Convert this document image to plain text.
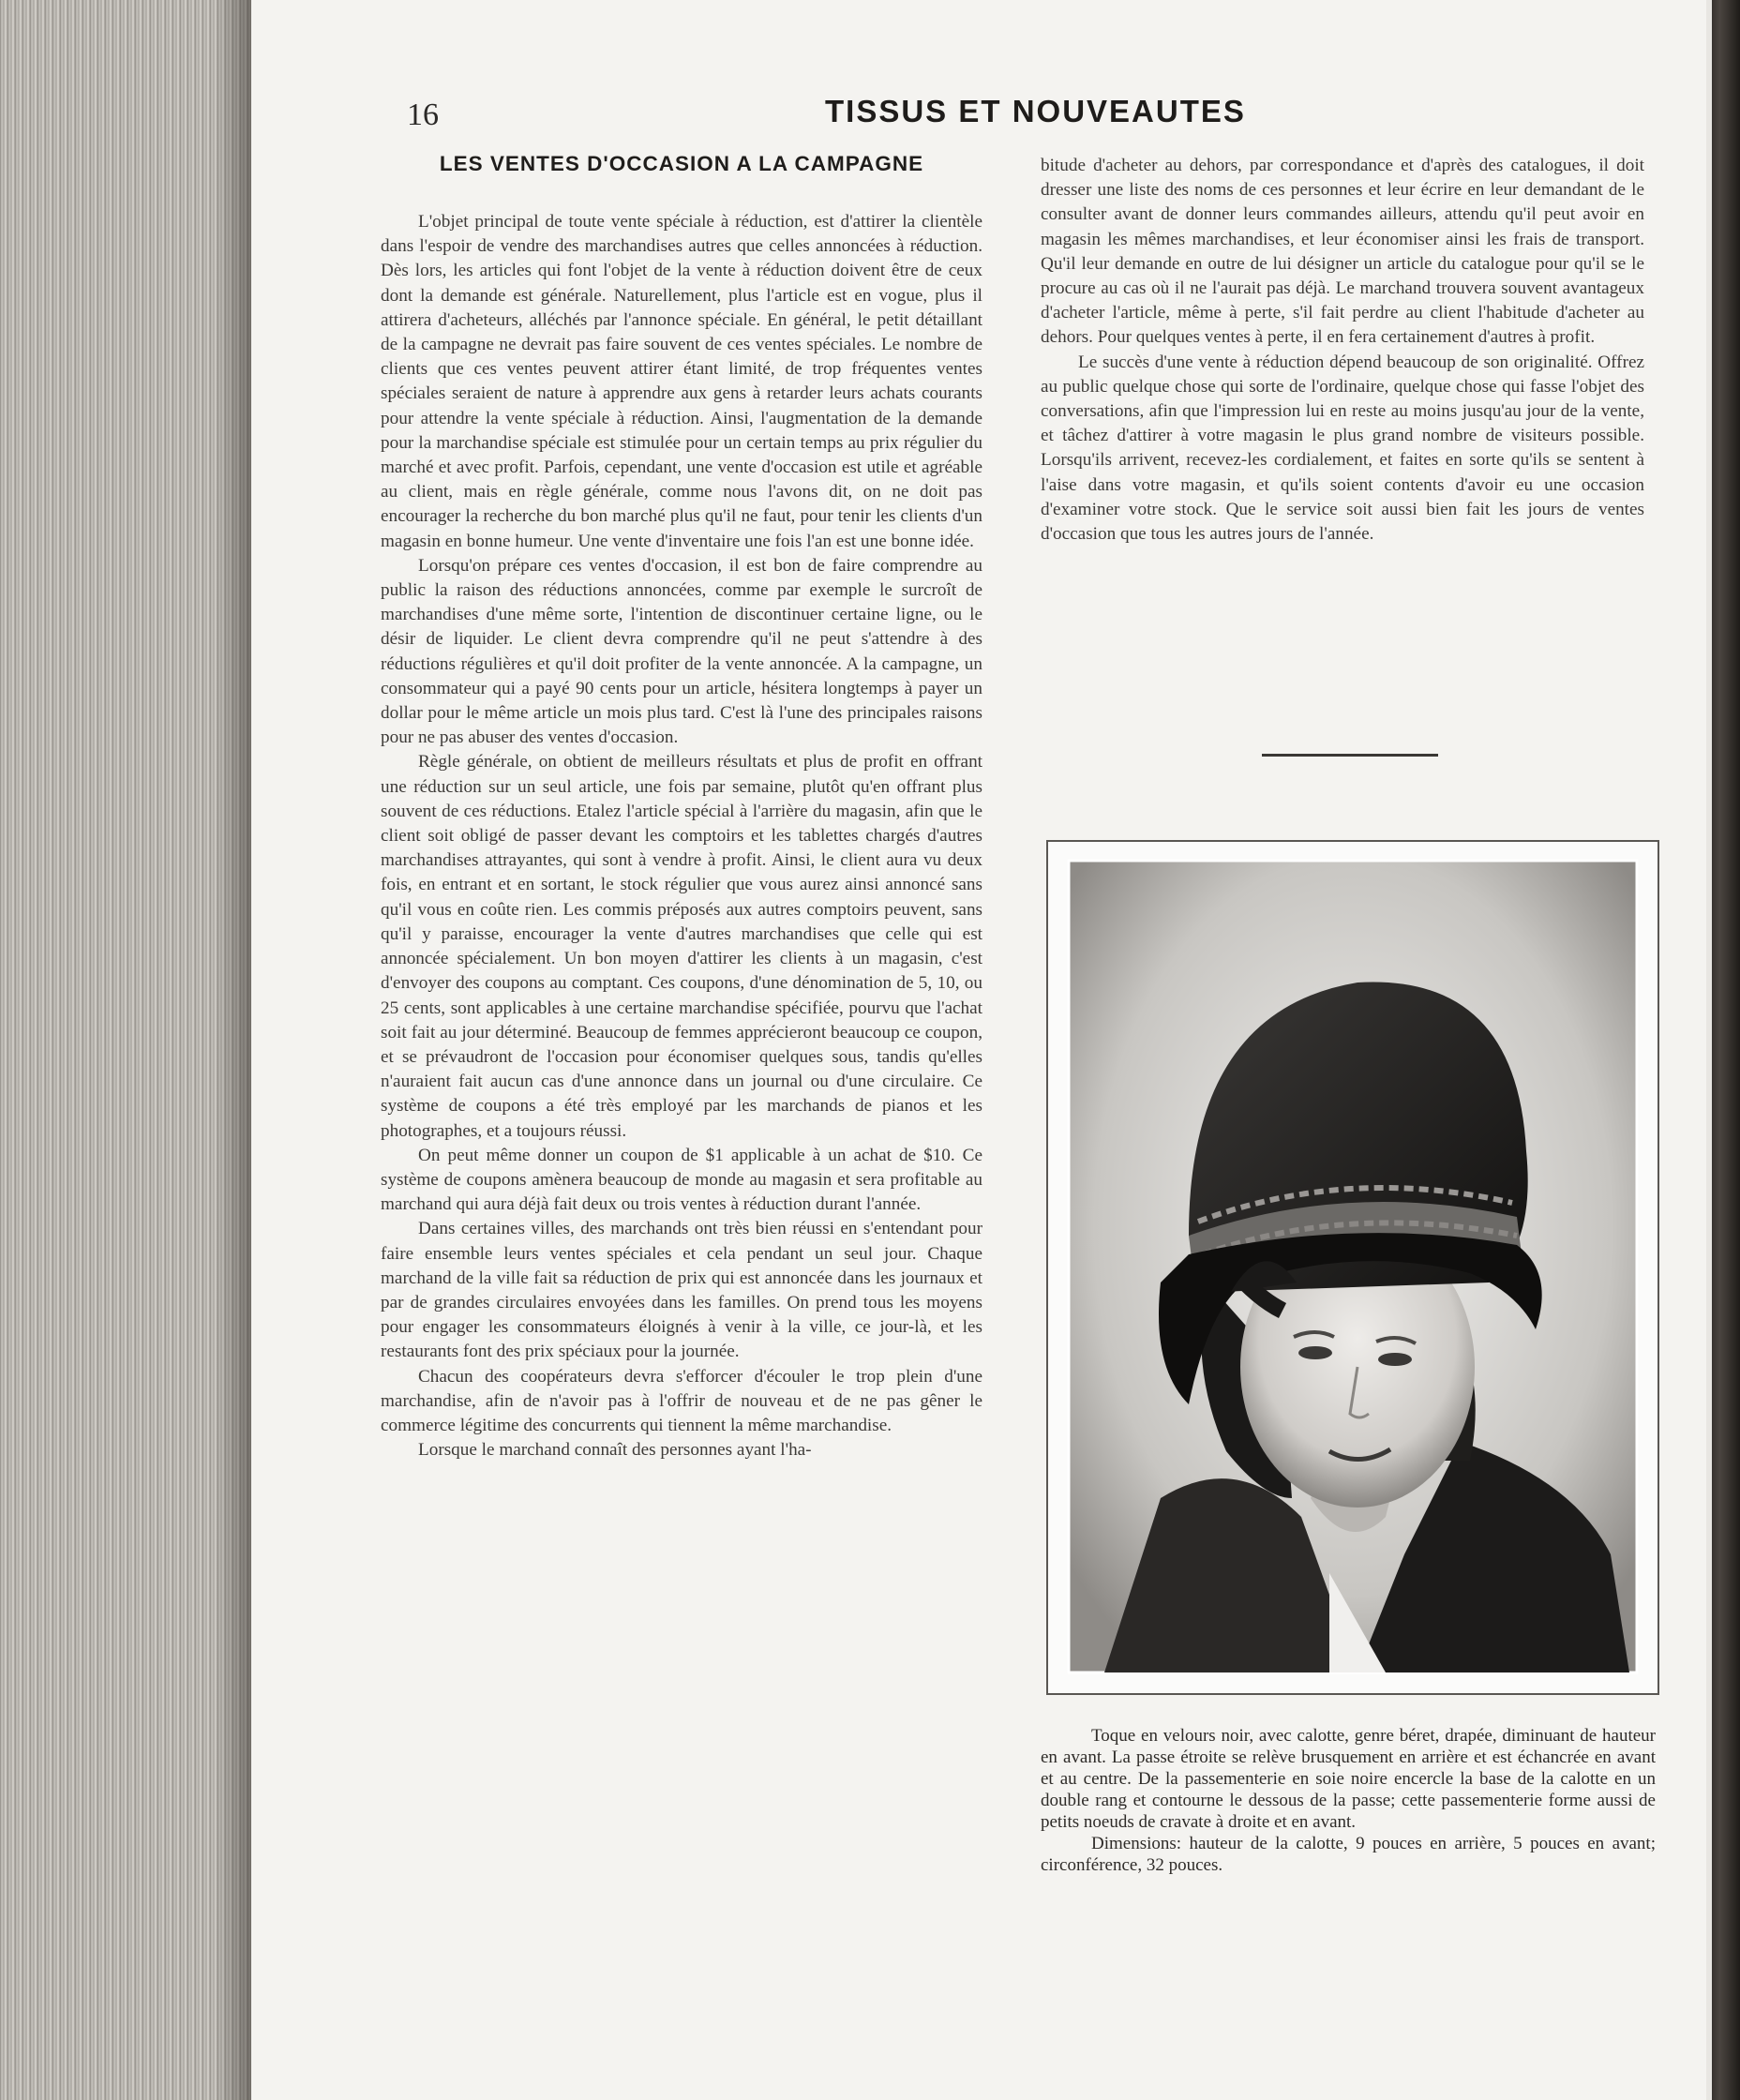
16	TISSUS ET NOUVEAUTES
LES VENTES D'OCCASION A LA CAMPAGNE

L'objet principal de toute vente spéciale à réduction, est d'attirer la clientèle dans l'espoir de vendre des marchandises autres que celles annoncées à réduction. Dès lors, les articles qui font l'objet de la vente à réduction doivent être de ceux dont la demande est générale. Naturellement, plus l'article est en vogue, plus il attirera d'acheteurs, alléchés par l'annonce spéciale. En général, le petit détaillant de la campagne ne devrait pas faire souvent de ces ventes spéciales. Le nombre de clients que ces ventes peuvent attirer étant limité, de trop fréquentes ventes spéciales seraient de nature à apprendre aux gens à retarder leurs achats courants pour attendre la vente spéciale à réduction. Ainsi, l'augmentation de la demande pour la marchandise spéciale est stimulée pour un certain temps au prix régulier du marché et avec profit. Parfois, cependant, une vente d'occasion est utile et agréable au client, mais en règle générale, comme nous l'avons dit, on ne doit pas encourager la recherche du bon marché plus qu'il ne faut, pour tenir les clients d'un magasin en bonne humeur. Une vente d'inventaire une fois l'an est une bonne idée.

Lorsqu'on prépare ces ventes d'occasion, il est bon de faire comprendre au public la raison des réductions annoncées, comme par exemple le surcroît de marchandises d'une même sorte, l'intention de discontinuer certaine ligne, ou le désir de liquider. Le client devra comprendre qu'il ne peut s'attendre à des réductions régulières et qu'il doit profiter de la vente annoncée. A la campagne, un consommateur qui a payé 90 cents pour un article, hésitera longtemps à payer un dollar pour le même article un mois plus tard. C'est là l'une des principales raisons pour ne pas abuser des ventes d'occasion.

Règle générale, on obtient de meilleurs résultats et plus de profit en offrant une réduction sur un seul article, une fois par semaine, plutôt qu'en offrant plus souvent de ces réductions. Etalez l'article spécial à l'arrière du magasin, afin que le client soit obligé de passer devant les comptoirs et les tablettes chargés d'autres marchandises attrayantes, qui sont à vendre à profit. Ainsi, le client aura vu deux fois, en entrant et en sortant, le stock régulier que vous aurez ainsi annoncé sans qu'il vous en coûte rien. Les commis préposés aux autres comptoirs peuvent, sans qu'il y paraisse, encourager la vente d'autres marchandises que celle qui est annoncée spécialement. Un bon moyen d'attirer les clients à un magasin, c'est d'envoyer des coupons au comptant. Ces coupons, d'une dénomination de 5, 10, ou 25 cents, sont applicables à une certaine marchandise spécifiée, pourvu que l'achat soit fait au jour déterminé. Beaucoup de femmes apprécieront beaucoup ce coupon, et se prévaudront de l'occasion pour économiser quelques sous, tandis qu'elles n'auraient fait aucun cas d'une annonce dans un journal ou d'une circulaire. Ce système de coupons a été très employé par les marchands de pianos et les photographes, et a toujours réussi.

On peut même donner un coupon de $1 applicable à un achat de $10. Ce système de coupons amènera beaucoup de monde au magasin et sera profitable au marchand qui aura déjà fait deux ou trois ventes à réduction durant l'année.

Dans certaines villes, des marchands ont très bien réussi en s'entendant pour faire ensemble leurs ventes spéciales et cela pendant un seul jour. Chaque marchand de la ville fait sa réduction de prix qui est annoncée dans les journaux et par de grandes circulaires envoyées dans les familles. On prend tous les moyens pour engager les consommateurs éloignés à venir à la ville, ce jour-là, et les restaurants font des prix spéciaux pour la journée.

Chacun des coopérateurs devra s'efforcer d'écouler le trop plein d'une marchandise, afin de n'avoir pas à l'offrir de nouveau et de ne pas gêner le commerce légitime des concurrents qui tiennent la même marchandise.

Lorsque le marchand connaît des personnes ayant l'ha-

bitude d'acheter au dehors, par correspondance et d'après des catalogues, il doit dresser une liste des noms de ces personnes et leur écrire en leur demandant de le consulter avant de donner leurs commandes ailleurs, attendu qu'il peut avoir en magasin les mêmes marchandises, et leur économiser ainsi les frais de transport. Qu'il leur demande en outre de lui désigner un article du catalogue pour qu'il se le procure au cas où il ne l'aurait pas déjà. Le marchand trouvera souvent avantageux d'acheter l'article, même à perte, s'il fait perdre au client l'habitude d'acheter au dehors. Pour quelques ventes à perte, il en fera certainement d'autres à profit.

Le succès d'une vente à réduction dépend beaucoup de son originalité. Offrez au public quelque chose qui sorte de l'ordinaire, quelque chose qui fasse l'objet des conversations, afin que l'impression lui en reste au moins jusqu'au jour de la vente, et tâchez d'attirer à votre magasin le plus grand nombre de visiteurs possible. Lorsqu'ils arrivent, recevez-les cordialement, et faites en sorte qu'ils se sentent à l'aise dans votre magasin, et qu'ils soient contents d'avoir eu une occasion d'examiner votre stock. Que le service soit aussi bien fait les jours de ventes d'occasion que tous les autres jours de l'année.

Toque en velours noir, avec calotte, genre béret, drapée, diminuant de hauteur en avant. La passe étroite se relève brusquement en arrière et est échancrée en avant et au centre. De la passementerie en soie noire encercle la base de la calotte en un double rang et contourne le dessous de la passe; cette passementerie forme aussi de petits noeuds de cravate à droite et en avant.

Dimensions: hauteur de la calotte, 9 pouces en arrière, 5 pouces en avant; circonférence, 32 pouces.
